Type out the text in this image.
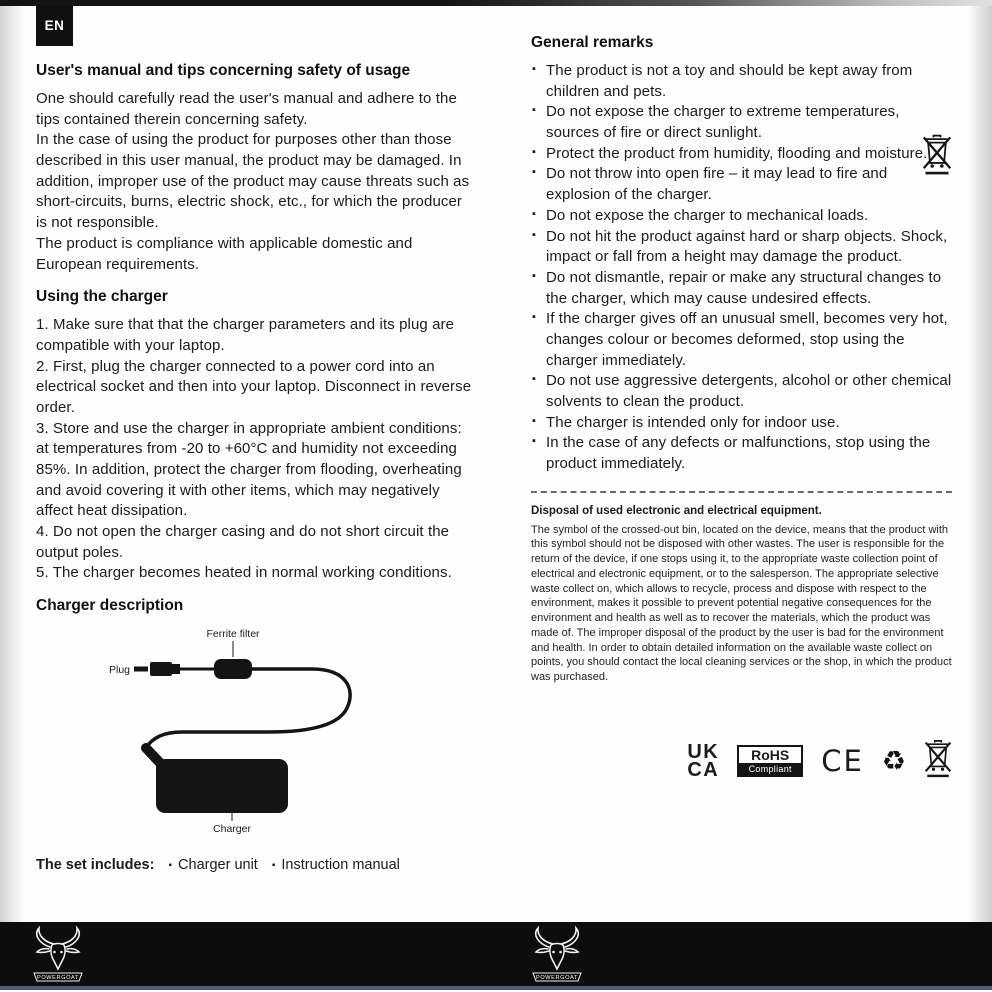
EN
User's manual and tips concerning safety of usage
One should carefully read the user's manual and adhere to the tips contained therein concerning safety.
In the case of using the product for purposes other than those described in this user manual, the product may be damaged. In addition, improper use of the product may cause threats such as short-circuits, burns, electric shock, etc., for which the producer is not responsible.
The product is compliance with applicable domestic and European requirements.
Using the charger
1. Make sure that that the charger parameters and its plug are compatible with your laptop.
2. First, plug the charger connected to a power cord into an electrical socket and then into your laptop. Disconnect in reverse order.
3. Store and use the charger in appropriate ambient conditions: at temperatures from -20 to +60°C and humidity not exceeding 85%. In addition, protect the charger from flooding, overheating and avoid covering it with other items, which may negatively affect heat dissipation.
4. Do not open the charger casing and do not short circuit the output poles.
5. The charger becomes heated in normal working conditions.
Charger description
Ferrite filter
Plug
Charger
The set includes: ▪ Charger unit ▪ Instruction manual
General remarks
▪ The product is not a toy and should be kept away from children and pets.
▪ Do not expose the charger to extreme temperatures, sources of fire or direct sunlight.
▪ Protect the product from humidity, flooding and moisture.
▪ Do not throw into open fire – it may lead to fire and explosion of the charger.
▪ Do not expose the charger to mechanical loads.
▪ Do not hit the product against hard or sharp objects. Shock, impact or fall from a height may damage the product.
▪ Do not dismantle, repair or make any structural changes to the charger, which may cause undesired effects.
▪ If the charger gives off an unusual smell, becomes very hot, changes colour or becomes deformed, stop using the charger immediately.
▪ Do not use aggressive detergents, alcohol or other chemical solvents to clean the product.
▪ The charger is intended only for indoor use.
▪ In the case of any defects or malfunctions, stop using the product immediately.
Disposal of used electronic and electrical equipment.
The symbol of the crossed-out bin, located on the device, means that the product with this symbol should not be disposed with other wastes. The user is responsible for the return of the device, if one stops using it, to the appropriate waste collection point of electrical and electronic equipment, or to the salesperson. The appropriate selective waste collect on, which allows to recycle, process and dispose with respect to the environment, makes it possible to prevent potential negative consequences for the environment and health as well as to recover the materials, which the product was made of. The improper disposal of the product by the user is bad for the environment and health. In order to obtain detailed information on the available waste collect on points, you should contact the local cleaning services or the shop, in which the product was purchased.
UK
CA
RoHS
Compliant	CE ♻
POWERGOAT	POWERGOAT
